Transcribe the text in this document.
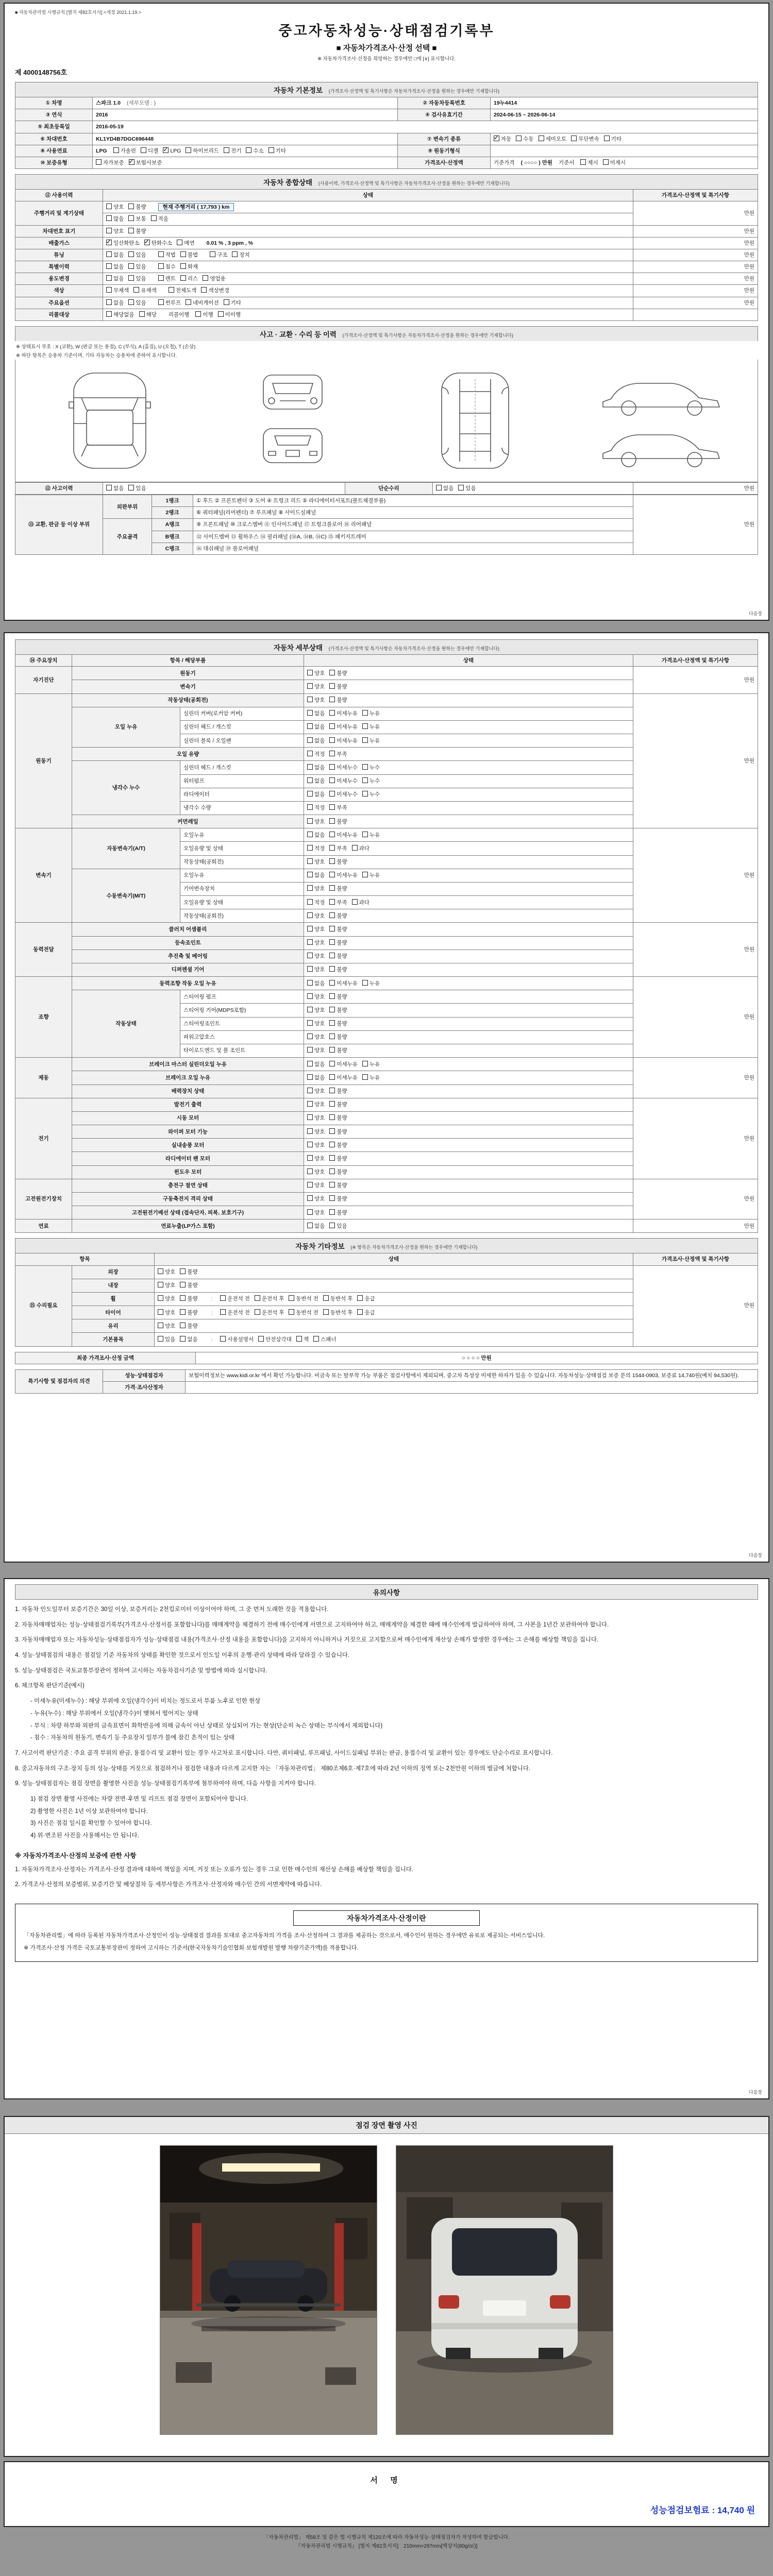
■ 자동차관리법 시행규칙 [별지 제82호서식] <개정 2021.1.19.>
중고자동차성능·상태점검기록부
■ 자동차가격조사·산정 선택 ■
※ 자동차가격조사·산정을 희망하는 경우에만 □에 [∨] 표시합니다.
제 4000148756호
자동차 기본정보 (가격조사·산정액 및 특기사항은 자동차가격조사·산정을 원하는 경우에만 기재합니다)
① 차명	스파크 1.0 (세부모델 : )	② 자동차등록번호	19누4414
③ 연식	2016	④ 검사유효기간	2024-06-15 ~ 2026-06-14
⑤ 최초등록일	2016-05-19		
⑥ 차대번호	KL1YD4B7DGC696448	⑦ 변속기 종류	✓자동 수동 세미오토 무단변속 기타
⑧ 사용연료	LPG 가솔린 디젤 ✓ LPG 하이브리드 전기 수소 기타	⑨ 원동기형식	
⑩ 보증유형	자가보증 ✓ 보험사보증	가격조사·산정액	기준가격 ( ○○○○ ) 만원 기준서 제시 미제시
자동차 종합상태 (사용이력, 가격조사·산정액 및 특기사항은 자동차가격조사·산정을 원하는 경우에만 기재합니다)
⑪ 사용이력	상태	가격조사·산정액 및 특기사항
주행거리 및 계기상태	양호 불량 현재 주행거리 ( 17,793 ) km	만원
	많음 보통 적음	
차대번호 표기	양호 불량	만원
배출가스	✓일산화탄소 ✓ 탄화수소 매연 0.01 % , 3 ppm , %	만원
튜닝	없음 있음 적법 불법 구조 장치	만원
특별이력	없음 있음 침수 화재	만원
용도변경	없음 있음 렌트 리스 영업용	만원
색상	무채색 유채색 전체도색 색상변경	만원
주요옵션	없음 있음 썬루프 네비게이션 기타	만원
리콜대상	해당없음 해당 리콜이행 이행 미이행	
사고 · 교환 · 수리 등 이력 (가격조사·산정액 및 특기사항은 자동차가격조사·산정을 원하는 경우에만 기재합니다)
※ 상태표시 부호 : X (교환), W (판금 또는 용접), C (부식), A (흠집), U (요철), T (손상)
※ 하단 항목은 승용차 기준이며, 기타 자동차는 승용차에 준하여 표시합니다.
⑫ 사고이력	없음 있음	단순수리	없음 있음	만원
⑬ 교환, 판금 등 이상 부위	외판부위	1랭크	① 후드 ② 프론트펜더 ③ 도어 ④ 트렁크 리드 ⑤ 라디에이터서포트(볼트체결부품)	만원
		2랭크	⑥ 쿼터패널(리어펜더) ⑦ 루프패널 ⑧ 사이드실패널	
	주요골격	A랭크	⑨ 프론트패널 ⑩ 크로스멤버 ⑪ 인사이드패널 ⑰ 트렁크플로어 ⑱ 리어패널	
		B랭크	⑫ 사이드멤버 ⑬ 휠하우스 ⑭ 필러패널 (⑭A, ⑭B, ⑭C) ⑮ 패키지트레이	
		C랭크	⑯ 대쉬패널 ⑲ 플로어패널	
다음장
자동차 세부상태 (가격조사·산정액 및 특기사항은 자동차가격조사·산정을 원하는 경우에만 기재합니다)
⑭ 주요장치	항목 / 해당부품		상태	가격조사·산정액 및 특기사항
자기진단	원동기		양호 불량	만원
	변속기		양호 불량	
원동기	작동상태(공회전)		양호 불량	만원
	오일 누유	실린더 커버(로커암 커버)	없음 미세누유 누유	
		실린더 헤드 / 개스킷	없음 미세누유 누유	
		실린더 블록 / 오일팬	없음 미세누유 누유	
	오일 유량		적정 부족	
	냉각수 누수	실린더 헤드 / 개스킷	없음 미세누수 누수	
		워터펌프	없음 미세누수 누수	
		라디에이터	없음 미세누수 누수	
		냉각수 수량	적정 부족	
	커먼레일		양호 불량	
변속기	자동변속기(A/T)	오일누유	없음 미세누유 누유	만원
		오일유량 및 상태	적정 부족 과다	
		작동상태(공회전)	양호 불량	
	수동변속기(M/T)	오일누유	없음 미세누유 누유	
		기어변속장치	양호 불량	
		오일유량 및 상태	적정 부족 과다	
		작동상태(공회전)	양호 불량	
동력전달	클러치 어셈블리		양호 불량	만원
	등속조인트		양호 불량	
	추진축 및 베어링		양호 불량	
	디퍼렌셜 기어		양호 불량	
조향	동력조향 작동 오일 누유		없음 미세누유 누유	만원
	작동상태	스티어링 펌프	양호 불량	
		스티어링 기어(MDPS포함)	양호 불량	
		스티어링조인트	양호 불량	
		파워고압호스	양호 불량	
		타이로드엔드 및 볼 조인트	양호 불량	
제동	브레이크 마스터 실린더오일 누유		없음 미세누유 누유	만원
	브레이크 오일 누유		없음 미세누유 누유	
	배력장치 상태		양호 불량	
전기	발전기 출력		양호 불량	만원
	시동 모터		양호 불량	
	와이퍼 모터 기능		양호 불량	
	실내송풍 모터		양호 불량	
	라디에이터 팬 모터		양호 불량	
	윈도우 모터		양호 불량	
고전원전기장치	충전구 절연 상태		양호 불량	만원
	구동축전지 격리 상태		양호 불량	
	고전원전기배선 상태 (접속단자, 피복, 보호기구)		양호 불량	
연료	연료누출(LP가스 포함)		없음 있음	만원
자동차 기타정보 (※ 항목은 자동차가격조사·산정을 원하는 경우에만 기재합니다)
항목		상태	가격조사·산정액 및 특기사항
⑮ 수리필요	외장	양호 불량	만원
	내장	양호 불량	
	휠	양호 불량 : 운전석 전 운전석 후 동반석 전 동반석 후 응급	
	타이어	양호 불량 : 운전석 전 운전석 후 동반석 전 동반석 후 응급	
	유리	양호 불량	
	기본품목	있음 없음 : 사용설명서 안전삼각대 잭 스패너	
최종 가격조사·산정 금액	○ ○ ○ ○ 만원
특기사항 및 점검자의 의견	성능·상태점검자	보험이력정보는 www.kidi.or.kr 에서 확인 가능합니다. 비금속 또는 탈부착 가능 부품은 점검사항에서 제외되며, 중고차 특성상 미세한 하자가 있을 수 있습니다. 자동차성능·상태점검 보증 문의 1544-0903, 보증료 14,740원(예치 94,530원).
	가격·조사산정자	
다음장
유의사항

1. 자동차 인도일부터 보증기간은 30일 이상, 보증거리는 2천킬로미터 이상이어야 하며, 그 중 먼저 도래한 것을 적용합니다.

2. 자동차매매업자는 성능·상태점검기록부(가격조사·산정서를 포함합니다)를 매매계약을 체결하기 전에 매수인에게 서면으로 고지하여야 하고, 매매계약을 체결한 때에 매수인에게 발급하여야 하며, 그 사본을 1년간 보관하여야 합니다.

3. 자동차매매업자 또는 자동차성능·상태점검자가 성능·상태점검 내용(가격조사·산정 내용을 포함합니다)을 고지하지 아니하거나 거짓으로 고지함으로써 매수인에게 재산상 손해가 발생한 경우에는 그 손해를 배상할 책임을 집니다.

4. 성능·상태점검의 내용은 점검일 기준 자동차의 상태를 확인한 것으로서 인도일 이후의 운행·관리 상태에 따라 달라질 수 있습니다.

5. 성능·상태점검은 국토교통부장관이 정하여 고시하는 자동차검사기준 및 방법에 따라 실시합니다.

6. 체크항목 판단기준(예시)

- 미세누유(미세누수) : 해당 부위에 오일(냉각수)이 비치는 정도로서 부품 노후로 인한 현상

- 누유(누수) : 해당 부위에서 오일(냉각수)이 맺혀서 떨어지는 상태

- 부식 : 차량 하부와 외판의 금속표면이 화학반응에 의해 금속이 아닌 상태로 상실되어 가는 현상(단순히 녹슨 상태는 부식에서 제외합니다)

- 침수 : 자동차의 원동기, 변속기 등 주요장치 일부가 물에 잠긴 흔적이 있는 상태

7. 사고이력 판단기준 : 주요 골격 부위의 판금, 용접수리 및 교환이 있는 경우 사고차로 표시합니다. 다만, 쿼터패널, 루프패널, 사이드실패널 부위는 판금, 용접수리 및 교환이 있는 경우에도 단순수리로 표시합니다.

8. 중고자동차의 구조·장치 등의 성능·상태를 거짓으로 점검하거나 점검한 내용과 다르게 고지한 자는 「자동차관리법」 제80조제6호·제7호에 따라 2년 이하의 징역 또는 2천만원 이하의 벌금에 처합니다.

9. 성능·상태점검자는 점검 장면을 촬영한 사진을 성능·상태점검기록부에 첨부하여야 하며, 다음 사항을 지켜야 합니다.

1) 점검 장면 촬영 사진에는 차량 전면·후면 및 리프트 점검 장면이 포함되어야 합니다.

2) 촬영한 사진은 1년 이상 보관하여야 합니다.

3) 사진은 점검 일시를 확인할 수 있어야 합니다.

4) 위·변조된 사진을 사용해서는 안 됩니다.

※ 자동차가격조사·산정의 보증에 관한 사항

1. 자동차가격조사·산정자는 가격조사·산정 결과에 대하여 책임을 지며, 거짓 또는 오류가 있는 경우 그로 인한 매수인의 재산상 손해를 배상할 책임을 집니다.

2. 가격조사·산정의 보증범위, 보증기간 및 배상절차 등 세부사항은 가격조사·산정자와 매수인 간의 서면계약에 따릅니다.

자동차가격조사·산정이란

「자동차관리법」에 따라 등록된 자동차가격조사·산정인이 성능·상태점검 결과를 토대로 중고자동차의 가격을 조사·산정하여 그 결과를 제공하는 것으로서, 매수인이 원하는 경우에만 유료로 제공되는 서비스입니다.

※ 가격조사·산정 가격은 국토교통부장관이 정하여 고시하는 기준서(한국자동차기술인협회·보험개발원 발행 차량기준가액)를 적용합니다.

다음장
점검 장면 촬영 사진
서 명
성능점검보험료 : 14,740 원
「자동차관리법」 제58조 및 같은 법 시행규칙 제120조에 따라 자동차성능·상태점검자가 작성하여 발급합니다.
『자동차관리법 시행규칙』 [별지 제82호서식]　210mm×297mm[백상지(80g/㎡)]
